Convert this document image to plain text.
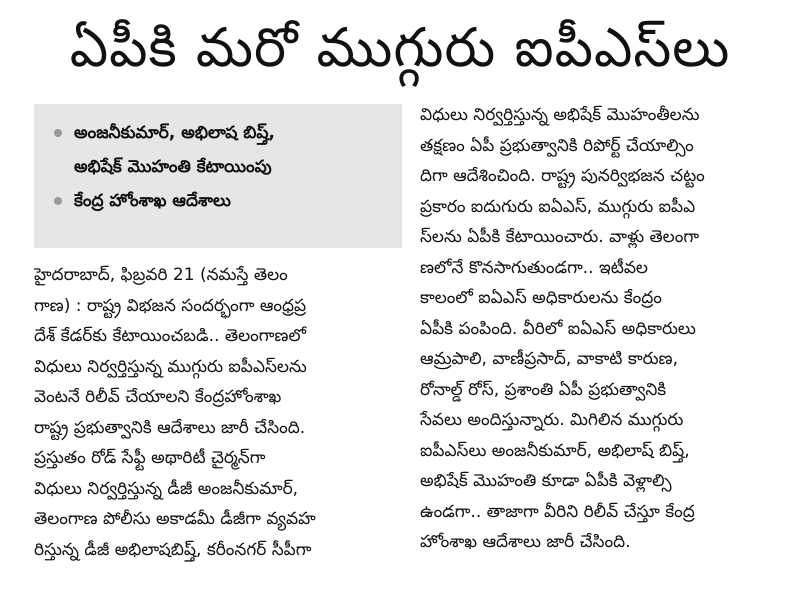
ఏపీకి మరో ముగ్గురు ఐపీఎస్‌లు
అంజనీకుమార్, అభిలాష బిష్త్,
అభిషేక్ మొహంతి కేటాయింపు
కేంద్ర హోంశాఖ ఆదేశాలు
హైదరాబాద్, ఫిబ్రవరి 21 (నమస్తే తెలం
గాణ) : రాష్ట్ర విభజన సందర్భంగా ఆంధ్రప్ర
దేశ్ కేడర్‌కు కేటాయించబడి.. తెలంగాణలో
విధులు నిర్వర్తిస్తున్న ముగ్గురు ఐపీఎస్‌లను
వెంటనే రిలీవ్ చేయాలని కేంద్రహోంశాఖ
రాష్ట్ర ప్రభుత్వానికి ఆదేశాలు జారీ చేసింది.
ప్రస్తుతం రోడ్ సేఫ్టీ అథారిటీ చైర్మన్‌గా
విధులు నిర్వర్తిస్తున్న డీజీ అంజనీకుమార్,
తెలంగాణ పోలీసు అకాడమీ డీజీగా వ్యవహ
రిస్తున్న డీజీ అభిలాషబిష్త్, కరీంనగర్ సీపీగా
విధులు నిర్వర్తిస్తున్న అభిషేక్ మొహంతీలను
తక్షణం ఏపీ ప్రభుత్వానికి రిపోర్ట్ చేయాల్సిం
దిగా ఆదేశించింది. రాష్ట్ర పునర్విభజన చట్టం
ప్రకారం ఐదుగురు ఐఏఎస్, ముగ్గురు ఐపీఎ
స్‌లను ఏపీకి కేటాయించారు. వాళ్లు తెలంగా
ణలోనే కొనసాగుతుండగా.. ఇటీవల
కాలంలో ఐఏఎస్ అధికారులను కేంద్రం
ఏపీకి పంపింది. వీరిలో ఐఏఎస్ అధికారులు
ఆమ్రపాలి, వాణీప్రసాద్, వాకాటి కారుణ,
రోనాల్డ్ రోస్, ప్రశాంతి ఏపీ ప్రభుత్వానికి
సేవలు అందిస్తున్నారు. మిగిలిన ముగ్గురు
ఐపీఎస్‌లు అంజనీకుమార్, అభిలాష్ బిష్త్,
అభిషేక్ మొహంతి కూడా ఏపీకి వెళ్లాల్సి
ఉండగా.. తాజాగా వీరిని రిలీవ్ చేస్తూ కేంద్ర
హోంశాఖ ఆదేశాలు జారీ చేసింది.
